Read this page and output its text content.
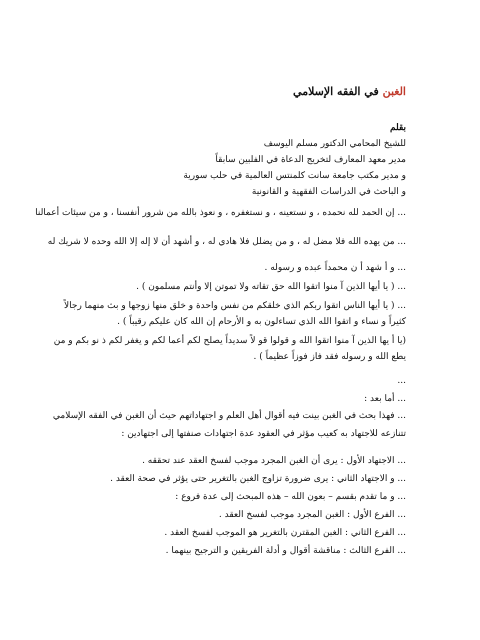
الغبن في الفقه الإسلامي
بقلم
للشيخ المحامي الدكتور مسلم اليوسف
مدير معهد المعارف لتخريج الدعاة في الفلبين سابقاً
و مدير مكتب جامعة سانت كلمنتس العالمية في حلب سورية
و الباحث في الدراسات الفقهية و القانونية
... إن الحمد لله نحمده ، و نستعينه ، و نستغفره ، و نعوذ بالله من شرور أنفسنا ، و من سيئات أعمالنا
... من يهده الله فلا مضل له ، و من يضلل فلا هادي له ، و أشهد أن لا إله إلا الله وحده لا شريك له
... و أ شهد أ ن محمداً عبده و رسوله .
... ( يا أيها الذين آ منوا اتقوا الله حق تقاته ولا تموتن إلا وأنتم مسلمون ) .
... ( يا أيها الناس اتقوا ربكم الذي خلقكم من نفس واحدة و خلق منها زوجها و بث منهما رجالاً
كثيراً و نساء و اتقوا الله الذي تساءلون به و الأرحام إن الله كان عليكم رقيباً ) .
(يا أ يها الذين آ منوا اتقوا الله و قولوا قو لاً سديداً يصلح لكم أعما لكم و يغفر لكم ذ نو بكم و من
يطع الله و رسوله فقد فاز فوزاً عظيماً ) .
...
... أما بعد :
... فهذا بحث في الغبن بينت فيه أقوال أهل العلم و اجتهاداتهم حيث أن الغبن في الفقه الإسلامي
تتنازعه للاجتهاد به كعيب مؤثر في العقود عدة اجتهادات صنفتها إلى اجتهادين :
... الاجتهاد الأول : يرى أن الغبن المجرد موجب لفسخ العقد عند تحققه .
... و الاجتهاد الثاني : يرى ضرورة تزاوج الغبن بالتغرير حتى يؤثر في صحة العقد .
... و ما تقدم بقسم – بعون الله – هذه المبحث إلى عدة فروع :
... الفرع الأول : الغبن المجرد موجب لفسخ العقد .
... الفرع الثاني : الغبن المقترن بالتغرير هو الموجب لفسخ العقد .
... الفرع الثالث : مناقشة أقوال و أدلة الفريقين و الترجيح بينهما .
